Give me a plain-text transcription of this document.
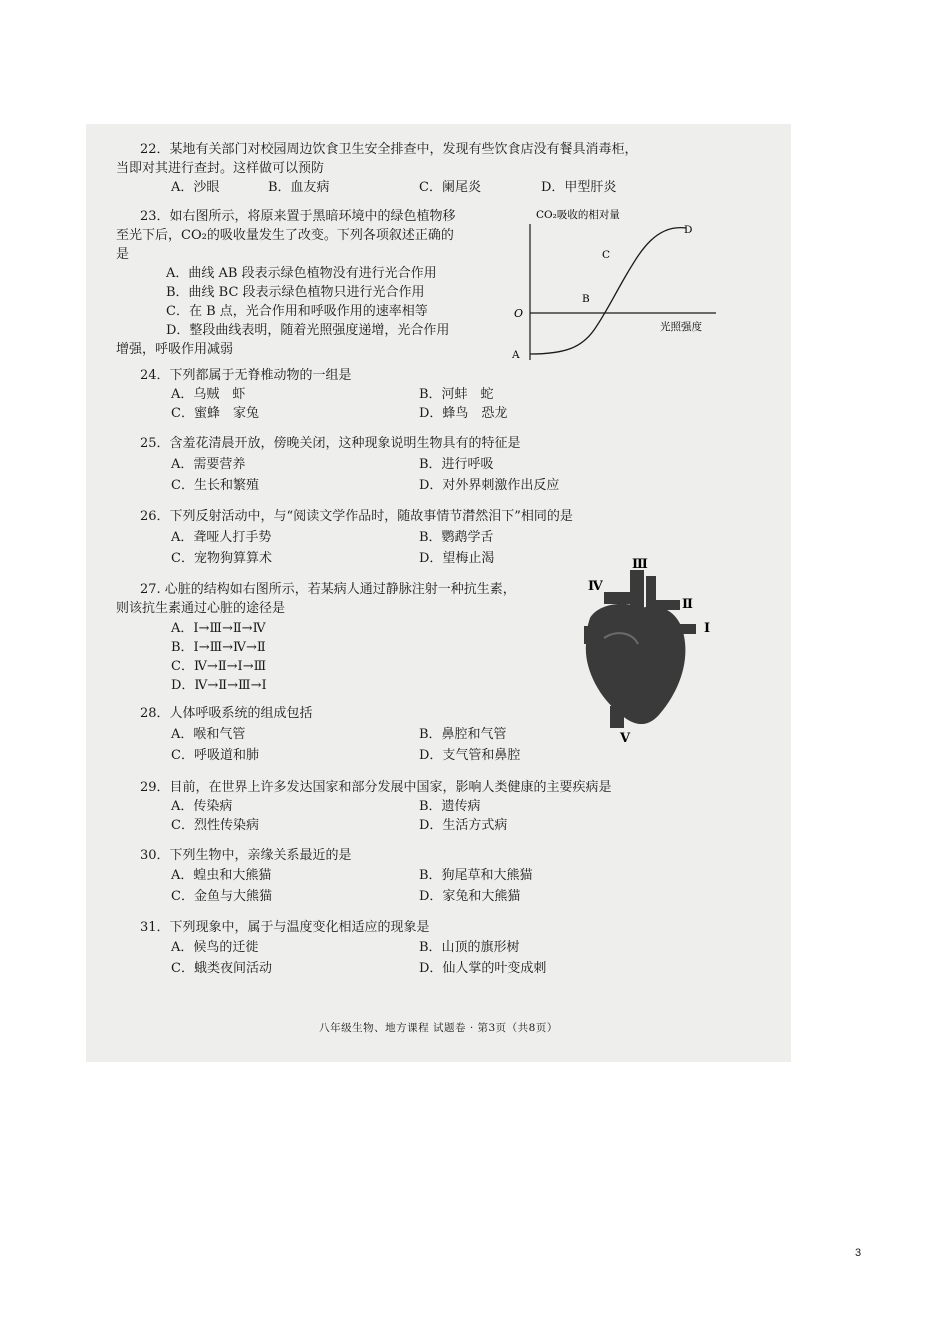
22．某地有关部门对校园周边饮食卫生安全排查中，发现有些饮食店没有餐具消毒柜，
当即对其进行查封。这样做可以预防
A．沙眼	B．血友病	C．阑尾炎	D．甲型肝炎
23．如右图所示，将原来置于黑暗环境中的绿色植物移
至光下后，CO₂的吸收量发生了改变。下列各项叙述正确的
是
A．曲线 AB 段表示绿色植物没有进行光合作用
B．曲线 BC 段表示绿色植物只进行光合作用
C．在 B 点，光合作用和呼吸作用的速率相等
D．整段曲线表明，随着光照强度递增，光合作用
增强，呼吸作用减弱
CO₂吸收的相对量
O
光照强度
A
B
C
D
24．下列都属于无脊椎动物的一组是
A．乌贼　虾	B．河蚌　蛇
C．蜜蜂　家兔	D．蜂鸟　恐龙
25．含羞花清晨开放，傍晚关闭，这种现象说明生物具有的特征是
A．需要营养	B．进行呼吸
C．生长和繁殖	D．对外界刺激作出反应
26．下列反射活动中，与“阅读文学作品时，随故事情节潸然泪下”相同的是
A．聋哑人打手势	B．鹦鹉学舌
C．宠物狗算算术	D．望梅止渴
27. 心脏的结构如右图所示，若某病人通过静脉注射一种抗生素，
则该抗生素通过心脏的途径是
A．Ⅰ→Ⅲ→Ⅱ→Ⅳ
B．Ⅰ→Ⅲ→Ⅳ→Ⅱ
C．Ⅳ→Ⅱ→Ⅰ→Ⅲ
D．Ⅳ→Ⅱ→Ⅲ→Ⅰ
Ⅰ
Ⅱ
Ⅲ
Ⅳ
Ⅴ
28．人体呼吸系统的组成包括
A．喉和气管	B．鼻腔和气管
C．呼吸道和肺	D．支气管和鼻腔
29．目前，在世界上许多发达国家和部分发展中国家，影响人类健康的主要疾病是
A．传染病	B．遗传病
C．烈性传染病	D．生活方式病
30．下列生物中，亲缘关系最近的是
A．蝗虫和大熊猫	B．狗尾草和大熊猫
C．金鱼与大熊猫	D．家兔和大熊猫
31．下列现象中，属于与温度变化相适应的现象是
A．候鸟的迁徙	B．山顶的旗形树
C．蛾类夜间活动	D．仙人掌的叶变成刺
八年级生物、地方课程 试题卷 · 第3页（共8页）
3
